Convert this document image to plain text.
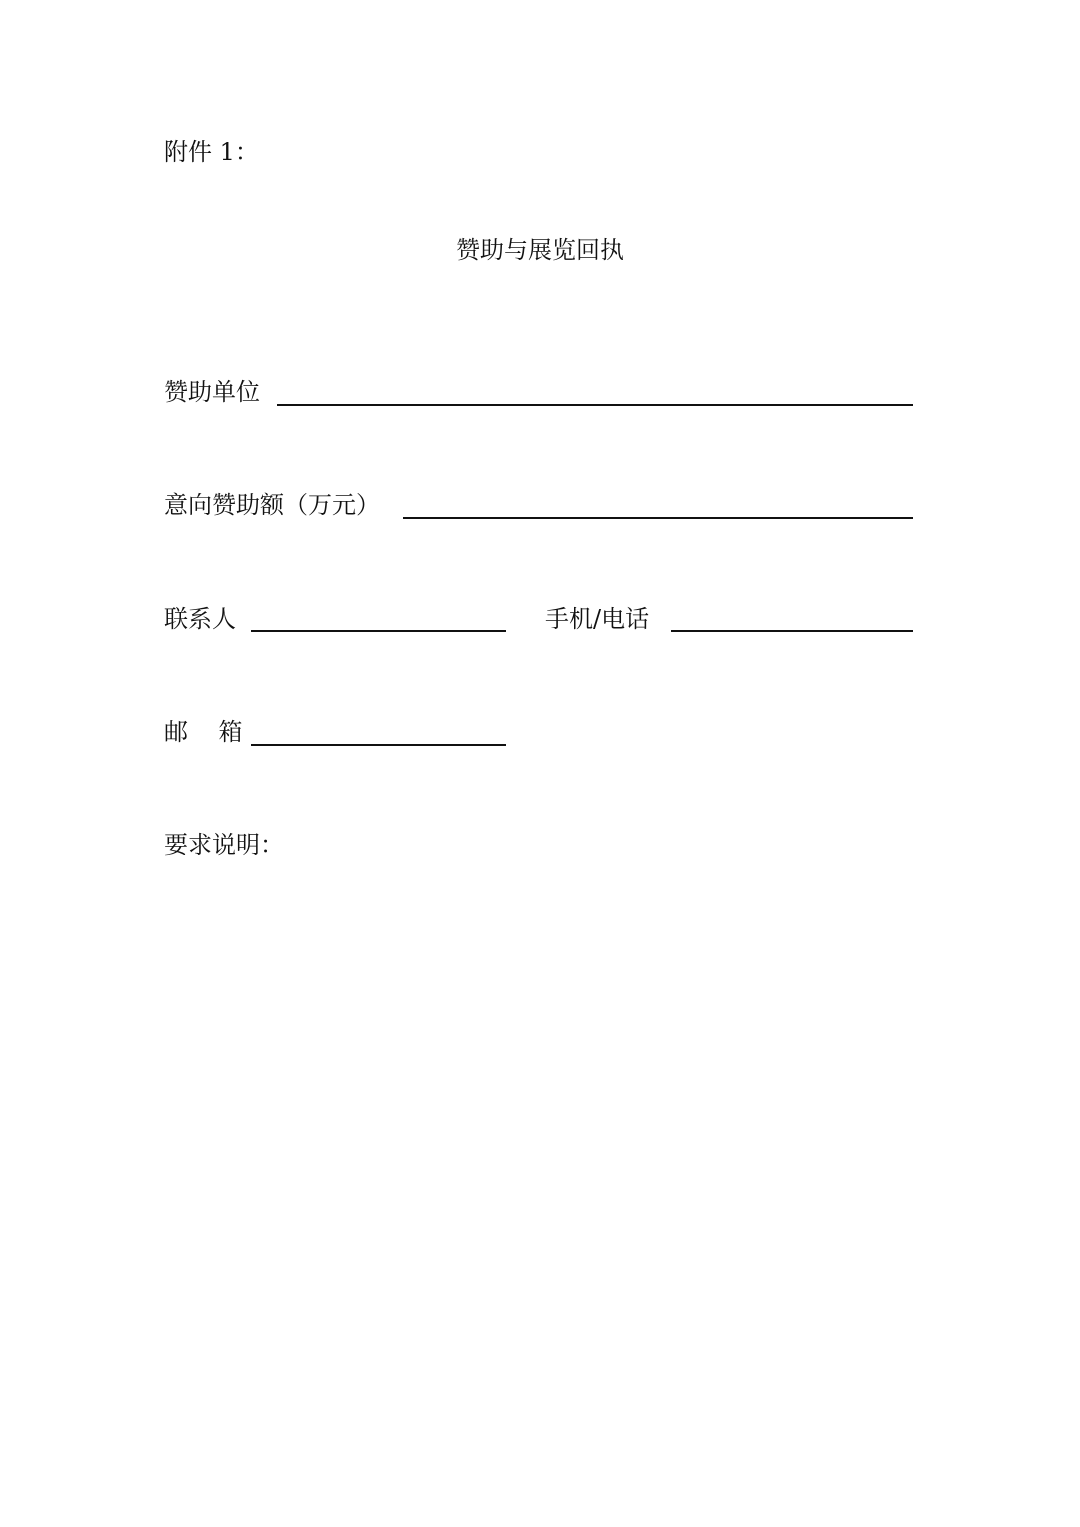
附件 1：
赞助与展览回执
赞助单位
意向赞助额（万元）
联系人	手机/电话
邮    箱
要求说明：
